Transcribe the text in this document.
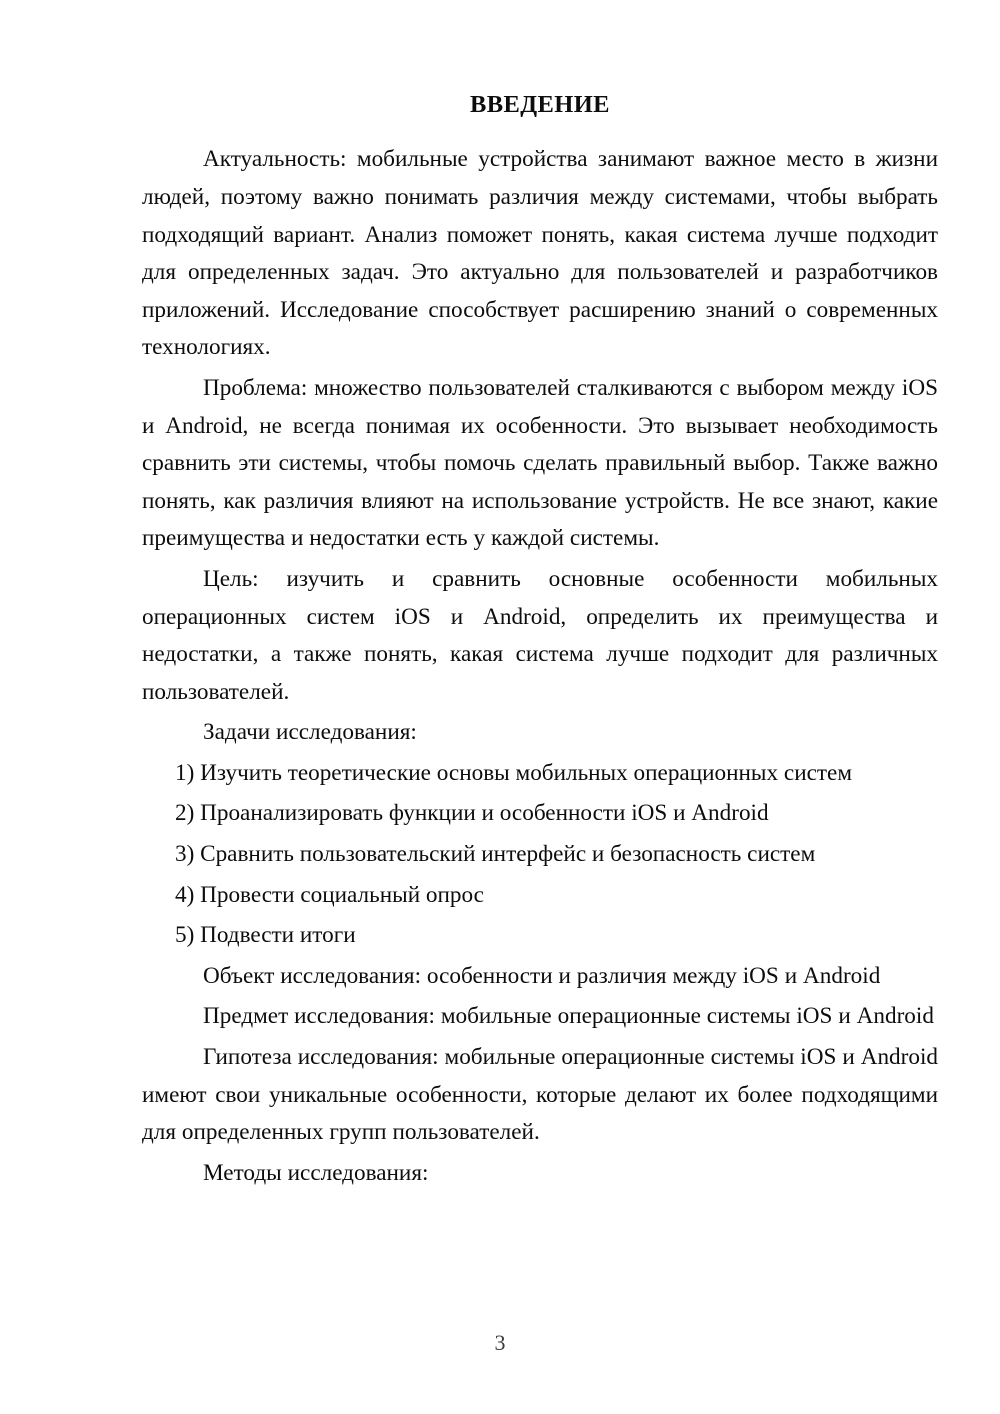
ВВЕДЕНИЕ

Актуальность: мобильные устройства занимают важное место в жизни людей, поэтому важно понимать различия между системами, чтобы выбрать подходящий вариант. Анализ поможет понять, какая система лучше подходит для определенных задач. Это актуально для пользователей и разработчиков приложений. Исследование способствует расширению знаний о современных технологиях.

Проблема: множество пользователей сталкиваются с выбором между iOS и Android, не всегда понимая их особенности. Это вызывает необходимость сравнить эти системы, чтобы помочь сделать правильный выбор. Также важно понять, как различия влияют на использование устройств. Не все знают, какие преимущества и недостатки есть у каждой системы.

Цель: изучить и сравнить основные особенности мобильных операционных систем iOS и Android, определить их преимущества и недостатки, а также понять, какая система лучше подходит для различных пользователей.

Задачи исследования:

1) Изучить теоретические основы мобильных операционных систем
2) Проанализировать функции и особенности iOS и Android
3) Сравнить пользовательский интерфейс и безопасность систем
4) Провести социальный опрос
5) Подвести итоги

Объект исследования: особенности и различия между iOS и Android

Предмет исследования: мобильные операционные системы iOS и Android

Гипотеза исследования: мобильные операционные системы iOS и Android имеют свои уникальные особенности, которые делают их более подходящими для определенных групп пользователей.

Методы исследования:

3
